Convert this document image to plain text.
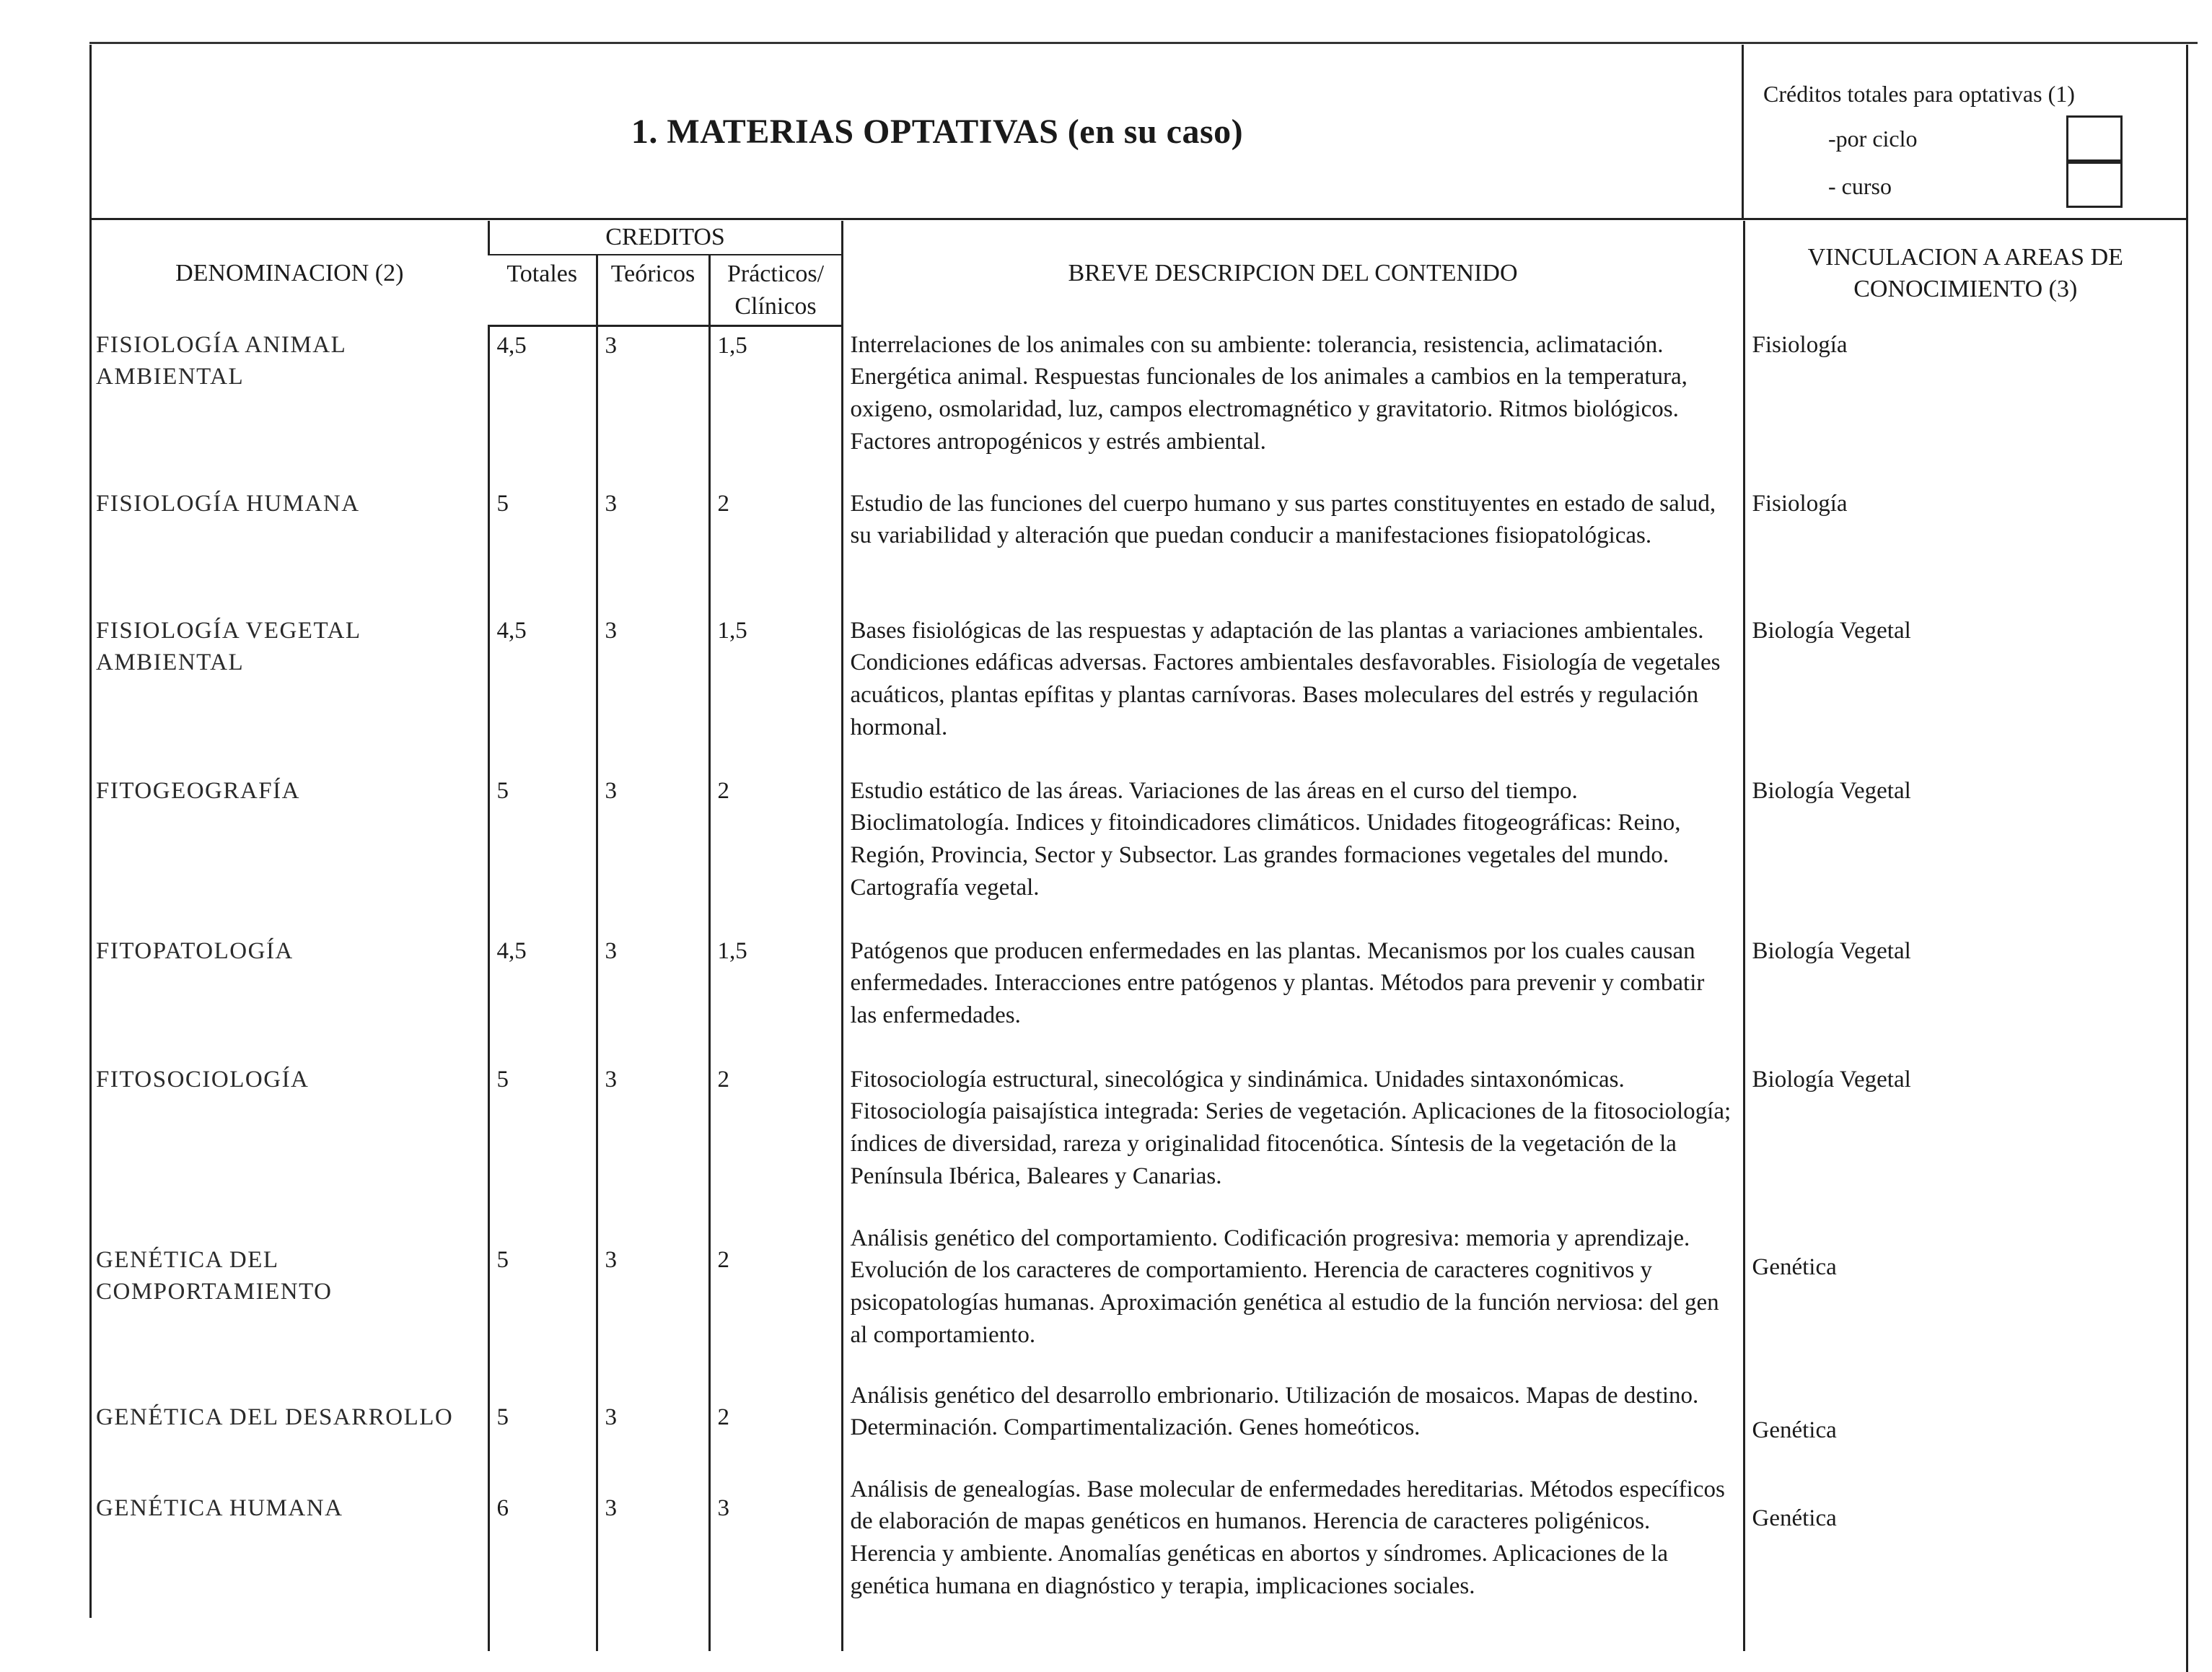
1. MATERIAS OPTATIVAS (en su caso)
Créditos totales para optativas (1)
-por ciclo
- curso
DENOMINACION (2)	CREDITOS			BREVE DESCRIPCION DEL CONTENIDO	VINCULACION A AREAS DE
CONOCIMIENTO (3)
	Totales	Teóricos	Prácticos/
Clínicos		
FISIOLOGÍA ANIMAL AMBIENTAL	4,5	3	1,5	Interrelaciones de los animales con su ambiente: tolerancia, resistencia, aclimatación. Energética animal. Respuestas funcionales de los animales a cambios en la temperatura, oxigeno, osmolaridad, luz, campos electromagnético y gravitatorio. Ritmos biológicos. Factores antropogénicos y estrés ambiental.	Fisiología
FISIOLOGÍA HUMANA	5	3	2	Estudio de las funciones del cuerpo humano y sus partes constituyentes en estado de salud, su variabilidad y alteración que puedan conducir a manifestaciones fisiopatológicas.	Fisiología
FISIOLOGÍA VEGETAL AMBIENTAL	4,5	3	1,5	Bases fisiológicas de las respuestas y adaptación de las plantas a variaciones ambientales. Condiciones edáficas adversas. Factores ambientales desfavorables. Fisiología de vegetales acuáticos, plantas epífitas y plantas carnívoras. Bases moleculares del estrés y regulación hormonal.	Biología Vegetal
FITOGEOGRAFÍA	5	3	2	Estudio estático de las áreas. Variaciones de las áreas en el curso del tiempo. Bioclimatología. Indices y fitoindicadores climáticos. Unidades fitogeográficas: Reino, Región, Provincia, Sector y Subsector. Las grandes formaciones vegetales del mundo. Cartografía vegetal.	Biología Vegetal
FITOPATOLOGÍA	4,5	3	1,5	Patógenos que producen enfermedades en las plantas. Mecanismos por los cuales causan enfermedades. Interacciones entre patógenos y plantas. Métodos para prevenir y combatir las enfermedades.	Biología Vegetal
FITOSOCIOLOGÍA	5	3	2	Fitosociología estructural, sinecológica y sindinámica. Unidades sintaxonómicas. Fitosociología paisajística integrada: Series de vegetación. Aplicaciones de la fitosociología; índices de diversidad, rareza y originalidad fitocenótica. Síntesis de la vegetación de la Península Ibérica, Baleares y Canarias.	Biología Vegetal
GENÉTICA DEL COMPORTAMIENTO	5	3	2	Análisis genético del comportamiento. Codificación progresiva: memoria y aprendizaje. Evolución de los caracteres de comportamiento. Herencia de caracteres cognitivos y psicopatologías humanas. Aproximación genética al estudio de la función nerviosa: del gen al comportamiento.	Genética
GENÉTICA DEL DESARROLLO	5	3	2	Análisis genético del desarrollo embrionario. Utilización de mosaicos. Mapas de destino. Determinación. Compartimentalización. Genes homeóticos.	Genética
GENÉTICA HUMANA	6	3	3	Análisis de genealogías. Base molecular de enfermedades hereditarias. Métodos específicos de elaboración de mapas genéticos en humanos. Herencia de caracteres poligénicos. Herencia y ambiente. Anomalías genéticas en abortos y síndromes. Aplicaciones de la genética humana en diagnóstico y terapia, implicaciones sociales.	Genética
